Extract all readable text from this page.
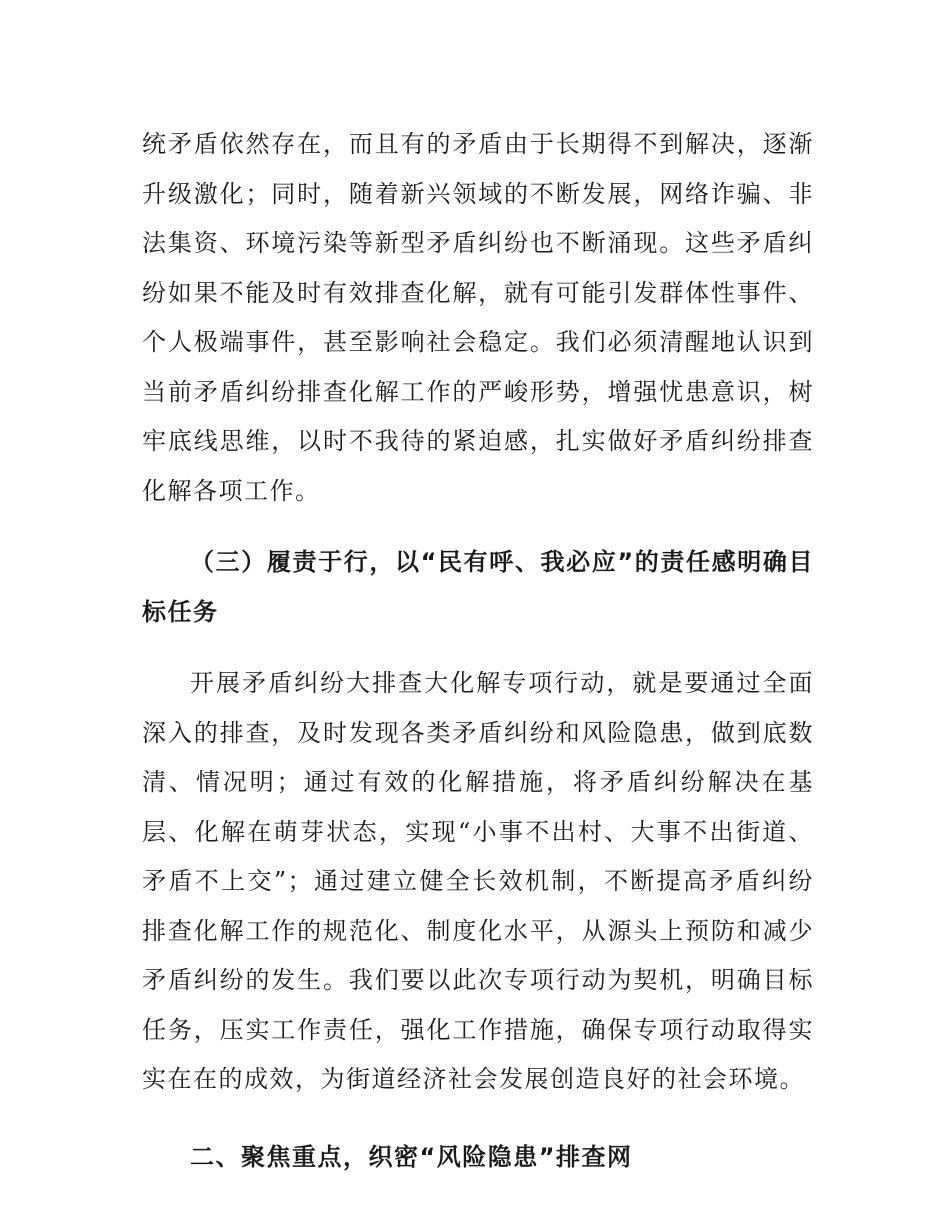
统矛盾依然存在，而且有的矛盾由于长期得不到解决，逐渐升级激化；同时，随着新兴领域的不断发展，网络诈骗、非法集资、环境污染等新型矛盾纠纷也不断涌现。这些矛盾纠纷如果不能及时有效排查化解，就有可能引发群体性事件、个人极端事件，甚至影响社会稳定。我们必须清醒地认识到当前矛盾纠纷排查化解工作的严峻形势，增强忧患意识，树牢底线思维，以时不我待的紧迫感，扎实做好矛盾纠纷排查化解各项工作。

（三）履责于行，以“民有呼、我必应”的责任感明确目标任务

开展矛盾纠纷大排查大化解专项行动，就是要通过全面深入的排查，及时发现各类矛盾纠纷和风险隐患，做到底数清、情况明；通过有效的化解措施，将矛盾纠纷解决在基层、化解在萌芽状态，实现“小事不出村、大事不出街道、矛盾不上交”；通过建立健全长效机制，不断提高矛盾纠纷排查化解工作的规范化、制度化水平，从源头上预防和减少矛盾纠纷的发生。我们要以此次专项行动为契机，明确目标任务，压实工作责任，强化工作措施，确保专项行动取得实实在在的成效，为街道经济社会发展创造良好的社会环境。

二、聚焦重点，织密“风险隐患”排查网
